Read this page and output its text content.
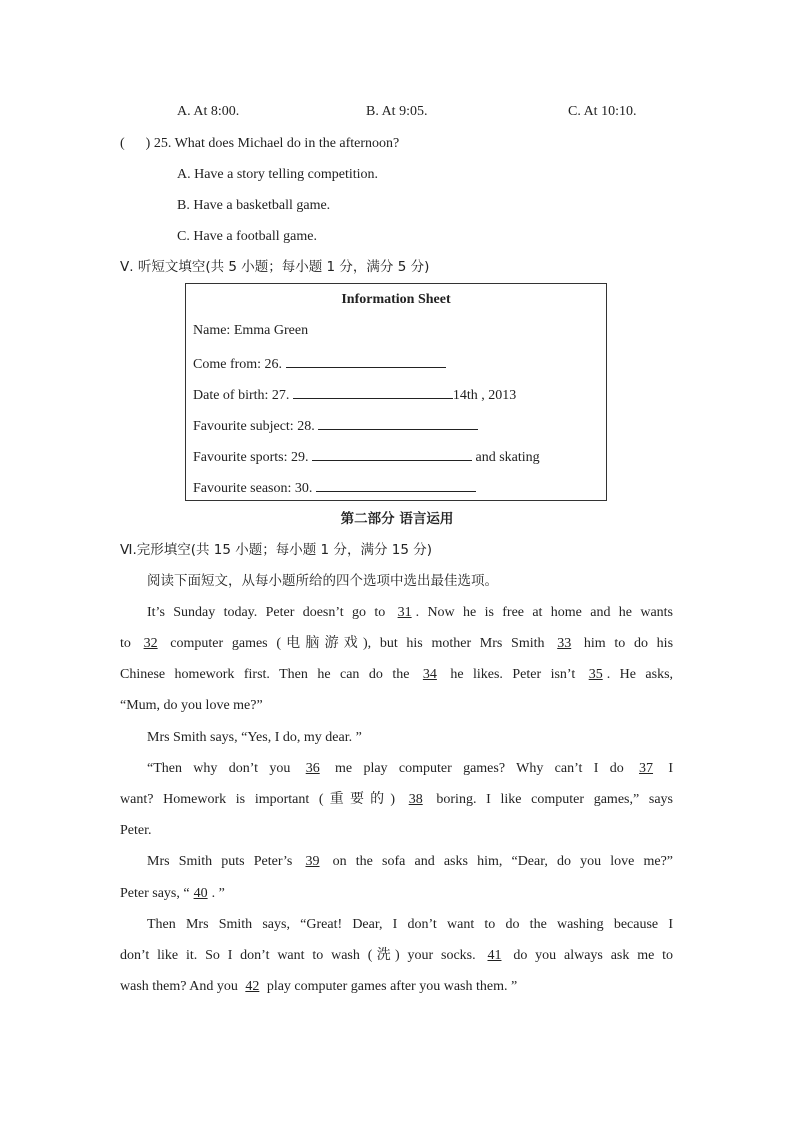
A. At 8:00.	B. At 9:05.	C. At 10:10.
(      ) 25. What does Michael do in the afternoon?
A. Have a story telling competition.
B. Have a basketball game.
C. Have a football game.
Ⅴ. 听短文填空(共 5 小题；每小题 1 分，满分 5 分)
Information Sheet
Name: Emma Green
Come from: 26.
Date of birth: 27.	14th , 2013
Favourite subject: 28.
Favourite sports: 29.	and skating
Favourite season: 30.
第二部分 语言运用
Ⅵ.完形填空(共 15 小题；每小题 1 分，满分 15 分)
阅读下面短文，从每小题所给的四个选项中选出最佳选项。
It’s Sunday today. Peter doesn’t go to 31 . Now he is free at home and he wants
to 32 computer games (电脑游戏), but his mother Mrs Smith 33 him to do his
Chinese homework first. Then he can do the 34 he likes. Peter isn’t 35 . He asks,
“Mum, do you love me?”
Mrs Smith says, “Yes, I do, my dear. ”
“Then why don’t you 36 me play computer games? Why can’t I do 37 I
want? Homework is important (重要的) 38 boring. I like computer games,” says
Peter.
Mrs Smith puts Peter’s 39 on the sofa and asks him, “Dear, do you love me?”
Peter says, “ 40 . ”
Then Mrs Smith says, “Great! Dear, I don’t want to do the washing because I
don’t like it. So I don’t want to wash (洗) your socks. 41 do you always ask me to
wash them? And you 42 play computer games after you wash them. ”
